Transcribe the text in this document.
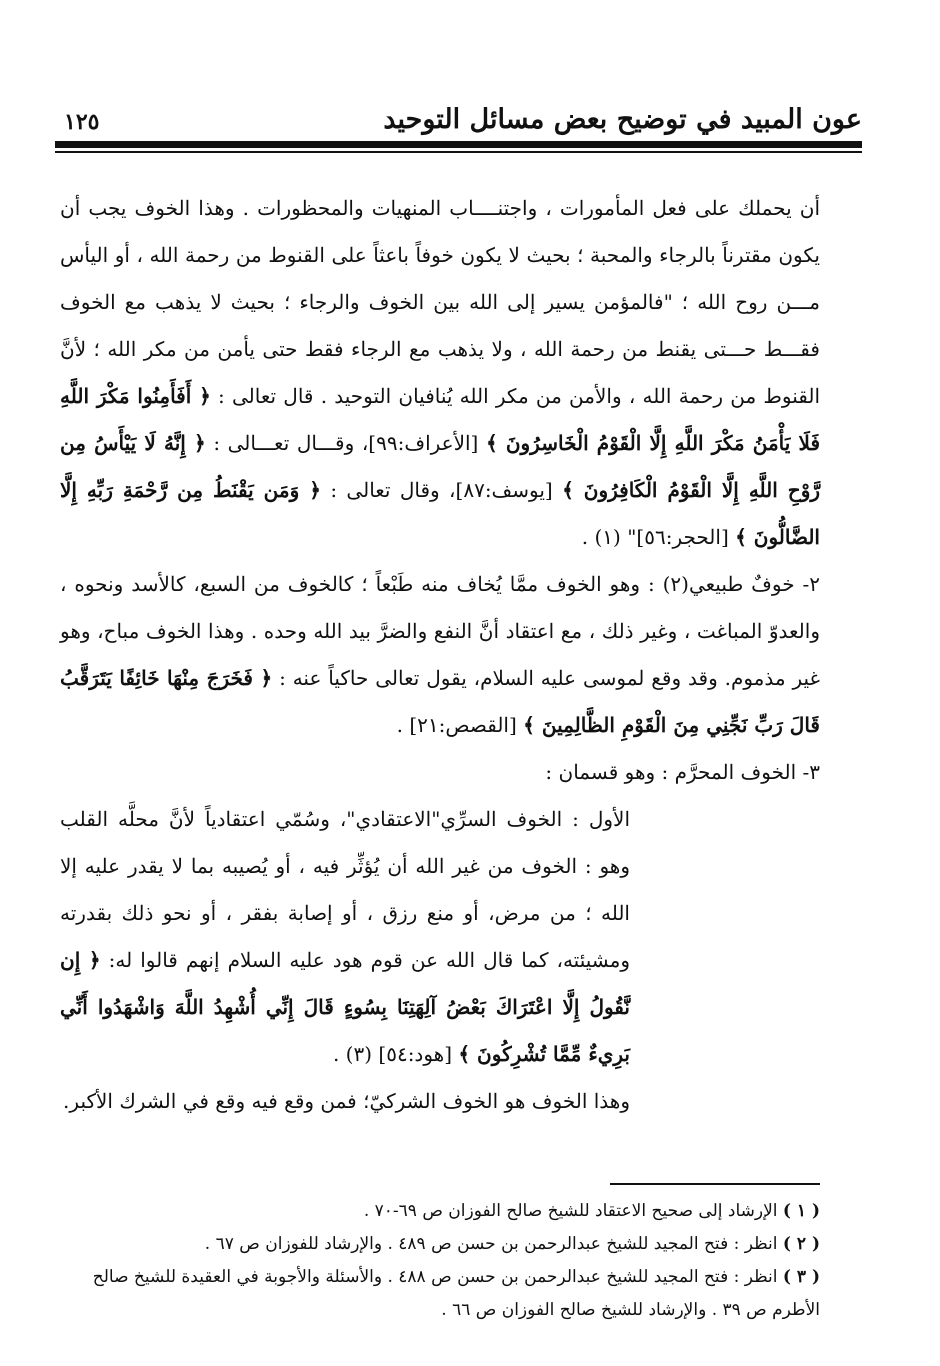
عون المبيد في توضيح بعض مسائل التوحيد
١٢٥

أن يحملك على فعل المأمورات ، واجتنــــاب المنهيات والمحظورات . وهذا الخوف يجب أن يكون مقترناً بالرجاء والمحبة ؛ بحيث لا يكون خوفاً باعثاً على القنوط من رحمة الله ، أو اليأس مـــن روح الله ؛ "فالمؤمن يسير إلى الله بين الخوف والرجاء ؛ بحيث لا يذهب مع الخوف فقـــط حـــتى يقنط من رحمة الله ، ولا يذهب مع الرجاء فقط حتى يأمن من مكر الله ؛ لأنَّ القنوط من رحمة الله ، والأمن من مكر الله يُنافيان التوحيد . قال تعالى : ﴿ أَفَأَمِنُوا مَكْرَ اللَّهِ فَلَا يَأْمَنُ مَكْرَ اللَّهِ إِلَّا الْقَوْمُ الْخَاسِرُونَ ﴾ [الأعراف:٩٩]، وقـــال تعـــالى : ﴿ إِنَّهُ لَا يَيْأَسُ مِن رَّوْحِ اللَّهِ إِلَّا الْقَوْمُ الْكَافِرُونَ ﴾ [يوسف:٨٧]، وقال تعالى : ﴿ وَمَن يَقْنَطُ مِن رَّحْمَةِ رَبِّهِ إِلَّا الضَّالُّونَ ﴾ [الحجر:٥٦]" (١) .

٢- خوفٌ طبيعي(٢) : وهو الخوف ممَّا يُخاف منه طَبْعاً ؛ كالخوف من السبع، كالأسد ونحوه ، والعدوّ المباغت ، وغير ذلك ، مع اعتقاد أنَّ النفع والضرَّ بيد الله وحده . وهذا الخوف مباح، وهو غير مذموم. وقد وقع لموسى عليه السلام، يقول تعالى حاكياً عنه : ﴿ فَخَرَجَ مِنْهَا خَائِفًا يَتَرَقَّبُ قَالَ رَبِّ نَجِّنِي مِنَ الْقَوْمِ الظَّالِمِينَ ﴾ [القصص:٢١] .

٣- الخوف المحرَّم : وهو قسمان :

الأول : الخوف السرِّي"الاعتقادي"، وسُمّي اعتقادياً لأنَّ محلَّه القلب وهو : الخوف من غير الله أن يُؤثِّر فيه ، أو يُصيبه بما لا يقدر عليه إلا الله ؛ من مرض، أو منع رزق ، أو إصابة بفقر ، أو نحو ذلك بقدرته ومشيئته، كما قال الله عن قوم هود عليه السلام إنهم قالوا له: ﴿ إِن نَّقُولُ إِلَّا اعْتَرَاكَ بَعْضُ آلِهَتِنَا بِسُوءٍ قَالَ إِنِّي أُشْهِدُ اللَّهَ وَاشْهَدُوا أَنِّي بَرِيءٌ مِّمَّا تُشْرِكُونَ ﴾ [هود:٥٤] (٣) .

وهذا الخوف هو الخوف الشركيّ؛ فمن وقع فيه وقع في الشرك الأكبر.

( ١ ) الإرشاد إلى صحيح الاعتقاد للشيخ صالح الفوزان ص ٦٩-٧٠ .

( ٢ ) انظر : فتح المجيد للشيخ عبدالرحمن بن حسن ص ٤٨٩ . والإرشاد للفوزان ص ٦٧ .

( ٣ ) انظر : فتح المجيد للشيخ عبدالرحمن بن حسن ص ٤٨٨ . والأسئلة والأجوبة في العقيدة للشيخ صالح الأطرم ص ٣٩ . والإرشاد للشيخ صالح الفوزان ص ٦٦ .
